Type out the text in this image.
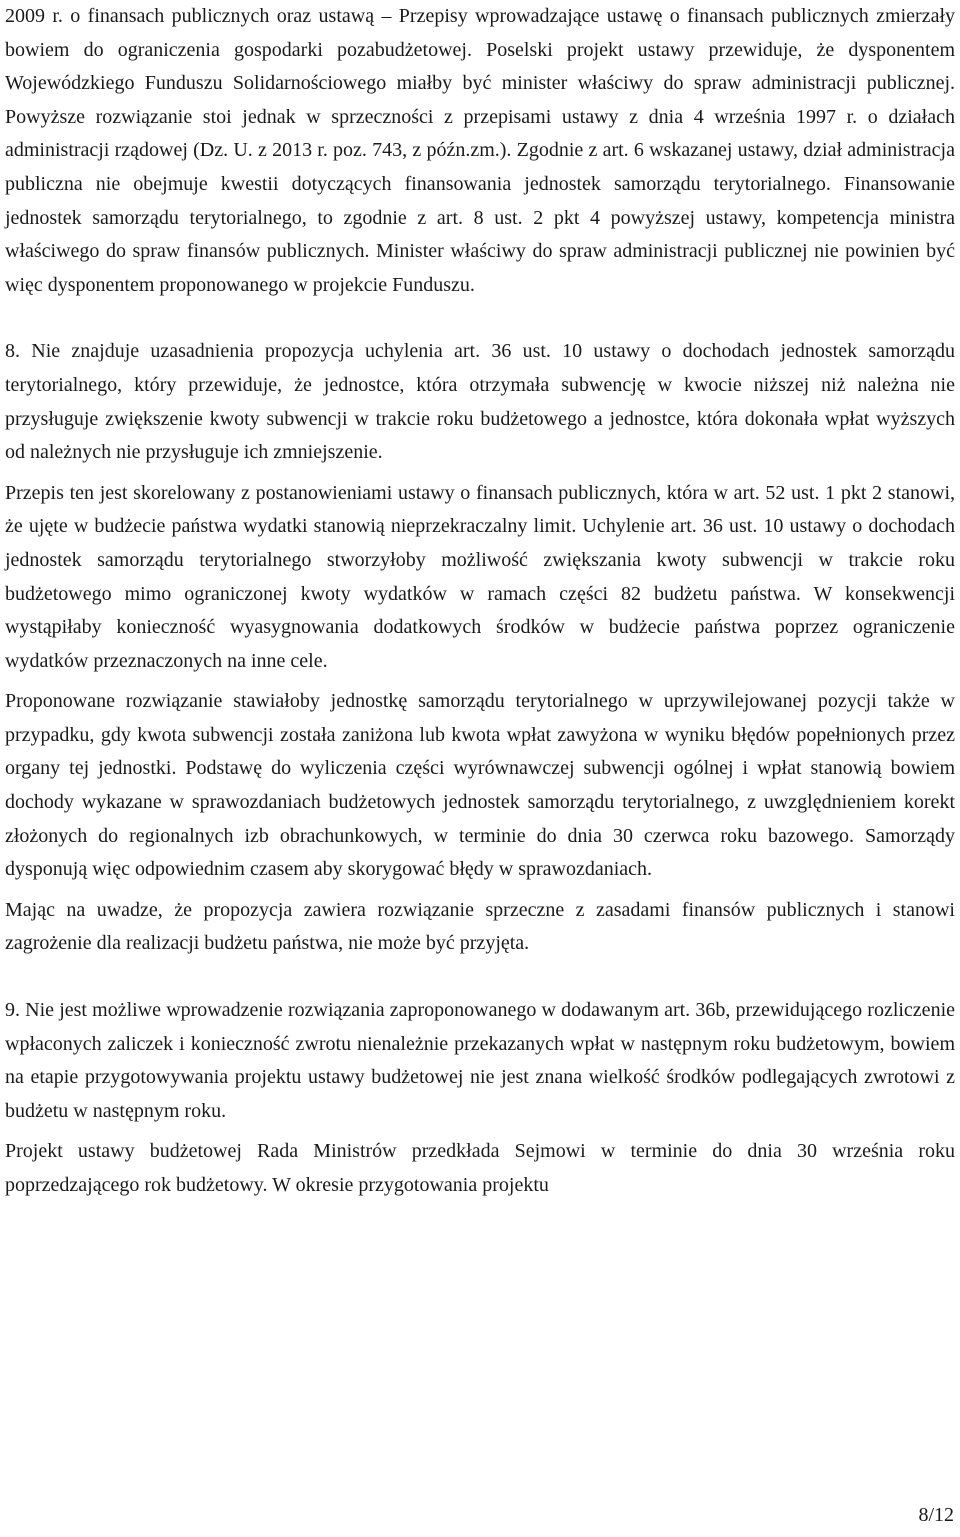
2009 r. o finansach publicznych oraz ustawą – Przepisy wprowadzające ustawę o finansach publicznych zmierzały bowiem do ograniczenia gospodarki pozabudżetowej. Poselski projekt ustawy przewiduje, że dysponentem Wojewódzkiego Funduszu Solidarnościowego miałby być minister właściwy do spraw administracji publicznej. Powyższe rozwiązanie stoi jednak w sprzeczności z przepisami ustawy z dnia 4 września 1997 r. o działach administracji rządowej (Dz. U. z 2013 r. poz. 743, z późn.zm.). Zgodnie z art. 6 wskazanej ustawy, dział administracja publiczna nie obejmuje kwestii dotyczących finansowania jednostek samorządu terytorialnego. Finansowanie jednostek samorządu terytorialnego, to zgodnie z art. 8 ust. 2 pkt 4 powyższej ustawy, kompetencja ministra właściwego do spraw finansów publicznych. Minister właściwy do spraw administracji publicznej nie powinien być więc dysponentem proponowanego w projekcie Funduszu.

8. Nie znajduje uzasadnienia propozycja uchylenia art. 36 ust. 10 ustawy o dochodach jednostek samorządu terytorialnego, który przewiduje, że jednostce, która otrzymała subwencję w kwocie niższej niż należna nie przysługuje zwiększenie kwoty subwencji w trakcie roku budżetowego a jednostce, która dokonała wpłat wyższych od należnych nie przysługuje ich zmniejszenie.

Przepis ten jest skorelowany z postanowieniami ustawy o finansach publicznych, która w art. 52 ust. 1 pkt 2 stanowi, że ujęte w budżecie państwa wydatki stanowią nieprzekraczalny limit. Uchylenie art. 36 ust. 10 ustawy o dochodach jednostek samorządu terytorialnego stworzyłoby możliwość zwiększania kwoty subwencji w trakcie roku budżetowego mimo ograniczonej kwoty wydatków w ramach części 82 budżetu państwa. W konsekwencji wystąpiłaby konieczność wyasygnowania dodatkowych środków w budżecie państwa poprzez ograniczenie wydatków przeznaczonych na inne cele.

Proponowane rozwiązanie stawiałoby jednostkę samorządu terytorialnego w uprzywilejowanej pozycji także w przypadku, gdy kwota subwencji została zaniżona lub kwota wpłat zawyżona w wyniku błędów popełnionych przez organy tej jednostki. Podstawę do wyliczenia części wyrównawczej subwencji ogólnej i wpłat stanowią bowiem dochody wykazane w sprawozdaniach budżetowych jednostek samorządu terytorialnego, z uwzględnieniem korekt złożonych do regionalnych izb obrachunkowych, w terminie do dnia 30 czerwca roku bazowego. Samorządy dysponują więc odpowiednim czasem aby skorygować błędy w sprawozdaniach.

Mając na uwadze, że propozycja zawiera rozwiązanie sprzeczne z zasadami finansów publicznych i stanowi zagrożenie dla realizacji budżetu państwa, nie może być przyjęta.

9. Nie jest możliwe wprowadzenie rozwiązania zaproponowanego w dodawanym art. 36b, przewidującego rozliczenie wpłaconych zaliczek i konieczność zwrotu nienależnie przekazanych wpłat w następnym roku budżetowym, bowiem na etapie przygotowywania projektu ustawy budżetowej nie jest znana wielkość środków podlegających zwrotowi z budżetu w następnym roku.

Projekt ustawy budżetowej Rada Ministrów przedkłada Sejmowi w terminie do dnia 30 września roku poprzedzającego rok budżetowy. W okresie przygotowania projektu

8/12
